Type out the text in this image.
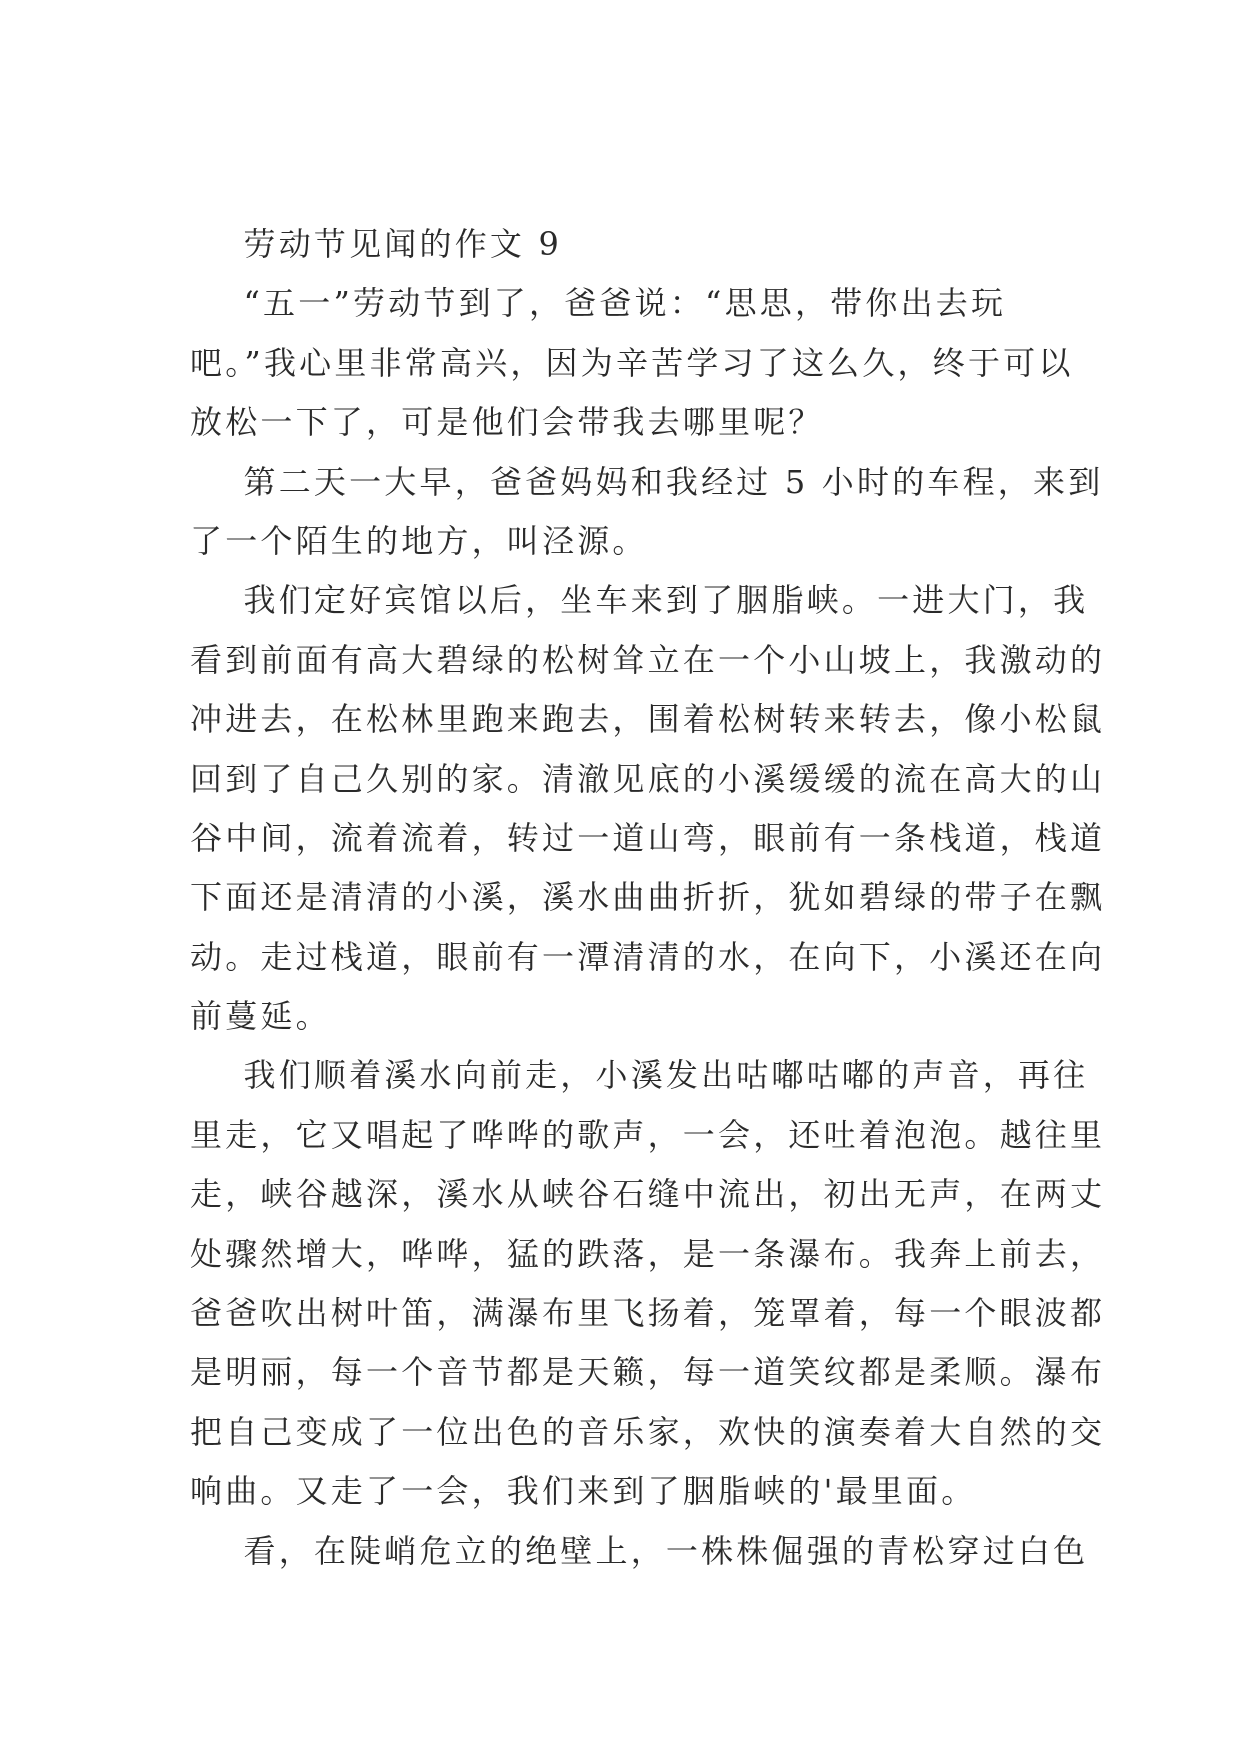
劳动节见闻的作文 9
“五一”劳动节到了，爸爸说：“思思，带你出去玩
吧。”我心里非常高兴，因为辛苦学习了这么久，终于可以
放松一下了，可是他们会带我去哪里呢？
第二天一大早，爸爸妈妈和我经过 5 小时的车程，来到
了一个陌生的地方，叫泾源。
我们定好宾馆以后，坐车来到了胭脂峡。一进大门，我
看到前面有高大碧绿的松树耸立在一个小山坡上，我激动的
冲进去，在松林里跑来跑去，围着松树转来转去，像小松鼠
回到了自己久别的家。清澈见底的小溪缓缓的流在高大的山
谷中间，流着流着，转过一道山弯，眼前有一条栈道，栈道
下面还是清清的小溪，溪水曲曲折折，犹如碧绿的带子在飘
动。走过栈道，眼前有一潭清清的水，在向下，小溪还在向
前蔓延。
我们顺着溪水向前走，小溪发出咕嘟咕嘟的声音，再往
里走，它又唱起了哗哗的歌声，一会，还吐着泡泡。越往里
走，峡谷越深，溪水从峡谷石缝中流出，初出无声，在两丈
处骤然增大，哗哗，猛的跌落，是一条瀑布。我奔上前去，
爸爸吹出树叶笛，满瀑布里飞扬着，笼罩着，每一个眼波都
是明丽，每一个音节都是天籁，每一道笑纹都是柔顺。瀑布
把自己变成了一位出色的音乐家，欢快的演奏着大自然的交
响曲。又走了一会，我们来到了胭脂峡的'最里面。
看，在陡峭危立的绝壁上，一株株倔强的青松穿过白色
